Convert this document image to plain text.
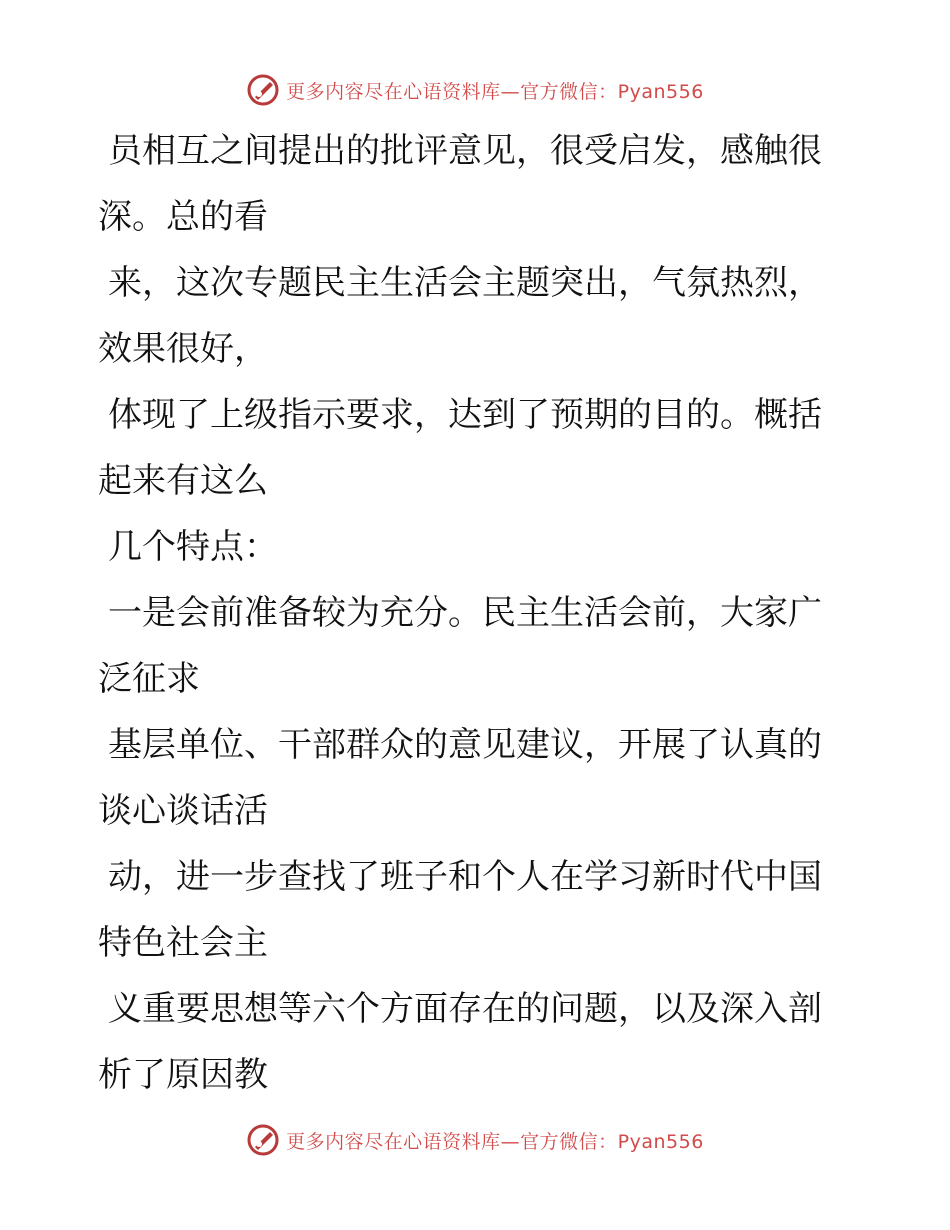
更多内容尽在心语资料库—官方微信：Pyan556

员相互之间提出的批评意见，很受启发，感触很
深。总的看

来，这次专题民主生活会主题突出，气氛热烈，
效果很好，

体现了上级指示要求，达到了预期的目的。概括
起来有这么

几个特点：

一是会前准备较为充分。民主生活会前，大家广
泛征求

基层单位、干部群众的意见建议，开展了认真的
谈心谈话活

动，进一步查找了班子和个人在学习新时代中国
特色社会主

义重要思想等六个方面存在的问题，以及深入剖
析了原因教

更多内容尽在心语资料库—官方微信：Pyan556
